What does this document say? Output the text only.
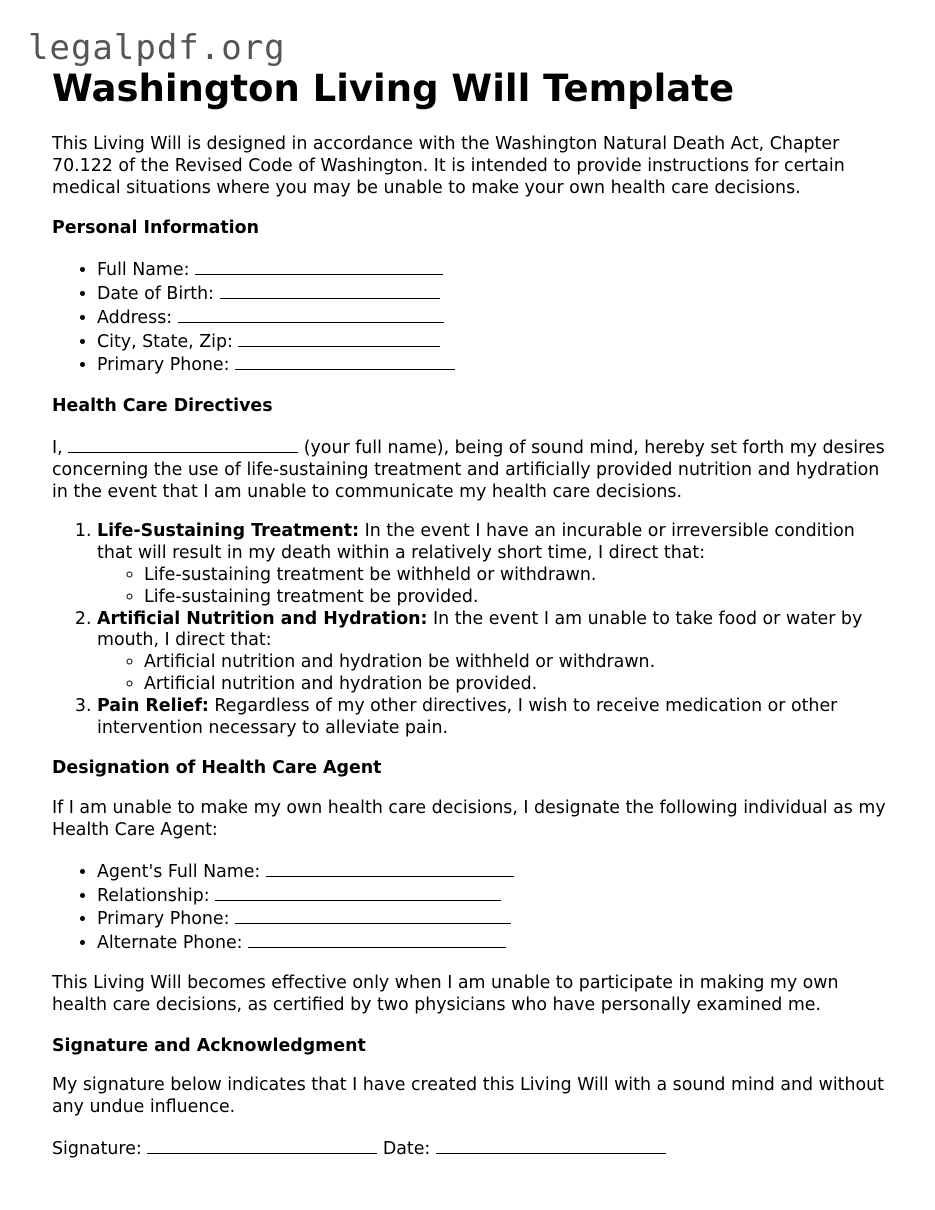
legalpdf.org
Washington Living Will Template

This Living Will is designed in accordance with the Washington Natural Death Act, Chapter 70.122 of the Revised Code of Washington. It is intended to provide instructions for certain medical situations where you may be unable to make your own health care decisions.

Personal Information
• Full Name:
• Date of Birth:
• Address:
• City, State, Zip:
• Primary Phone:
Health Care Directives

I,	(your full name), being of sound mind, hereby set forth my desires concerning the use of life-sustaining treatment and artificially provided nutrition and hydration in the event that I am unable to communicate my health care decisions.

1. Life-Sustaining Treatment: In the event I have an incurable or irreversible condition that will result in my death within a relatively short time, I direct that:
◦ Life-sustaining treatment be withheld or withdrawn.
◦ Life-sustaining treatment be provided.
2. Artificial Nutrition and Hydration: In the event I am unable to take food or water by mouth, I direct that:
◦ Artificial nutrition and hydration be withheld or withdrawn.
◦ Artificial nutrition and hydration be provided.
3. Pain Relief: Regardless of my other directives, I wish to receive medication or other intervention necessary to alleviate pain.
Designation of Health Care Agent

If I am unable to make my own health care decisions, I designate the following individual as my Health Care Agent:

• Agent's Full Name:
• Relationship:
• Primary Phone:
• Alternate Phone:

This Living Will becomes effective only when I am unable to participate in making my own health care decisions, as certified by two physicians who have personally examined me.

Signature and Acknowledgment

My signature below indicates that I have created this Living Will with a sound mind and without any undue influence.

Signature:	Date:
